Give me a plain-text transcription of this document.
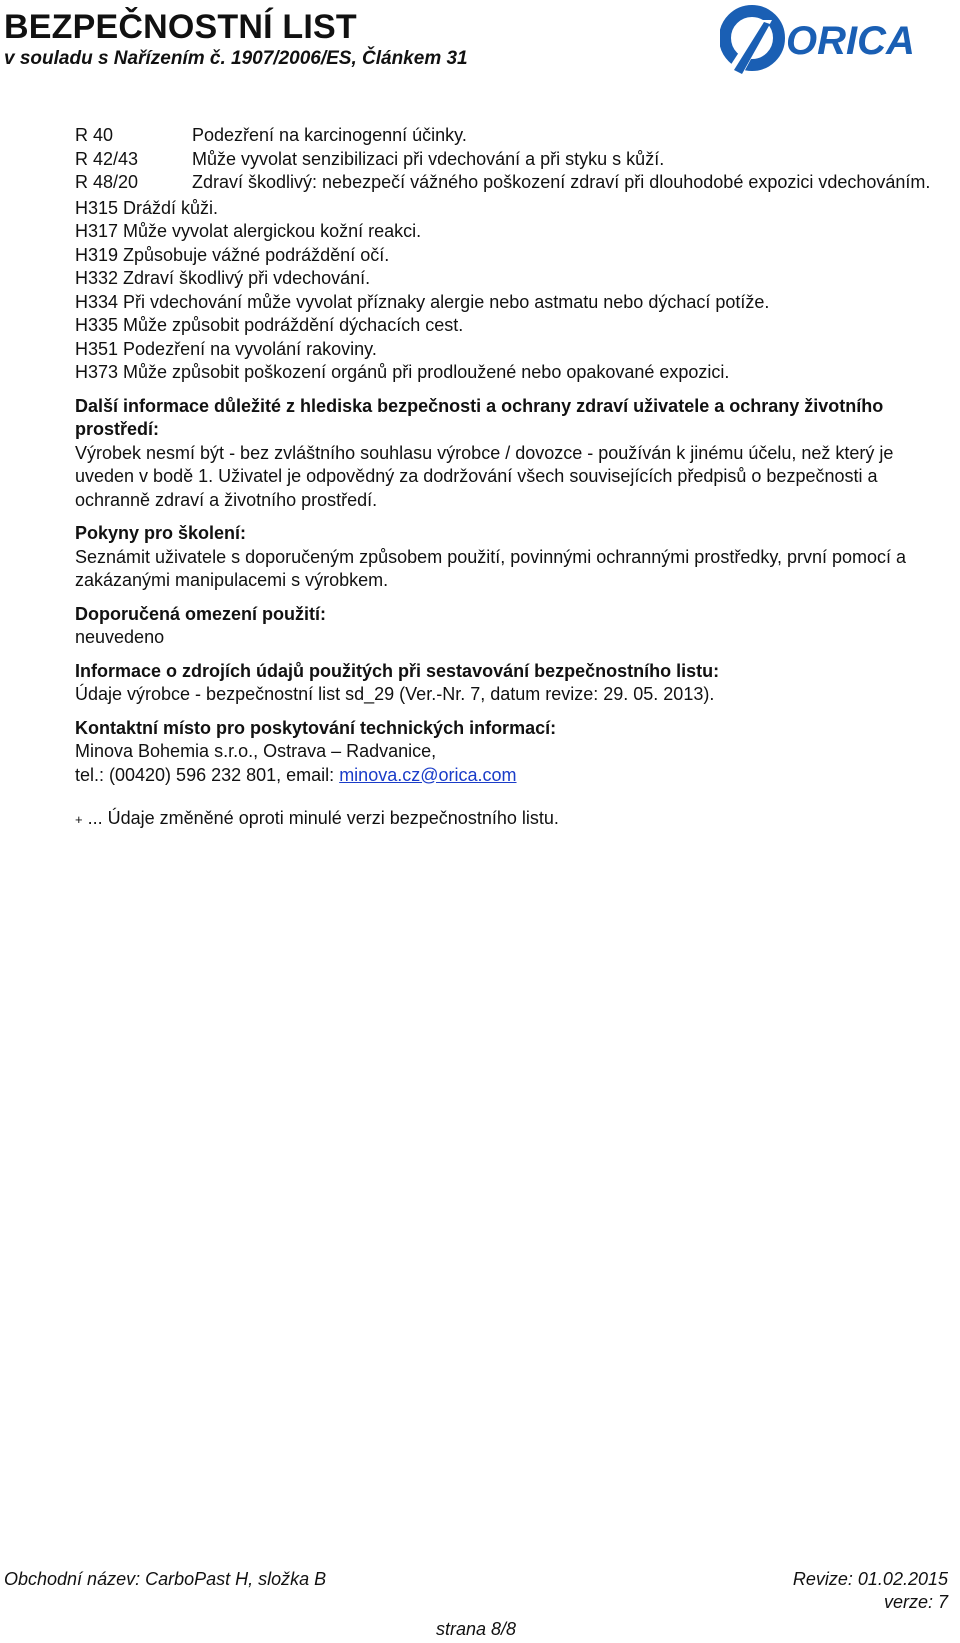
BEZPEČNOSTNÍ LIST
v souladu s Nařízením č. 1907/2006/ES, Článkem 31	ORICA
R 40	Podezření na karcinogenní účinky.
R 42/43	Může vyvolat senzibilizaci při vdechování a při styku s kůží.
R 48/20	Zdraví škodlivý: nebezpečí vážného poškození zdraví při dlouhodobé expozici vdechováním.
H315 Dráždí kůži.
H317 Může vyvolat alergickou kožní reakci.
H319 Způsobuje vážné podráždění očí.
H332 Zdraví škodlivý při vdechování.
H334 Při vdechování může vyvolat příznaky alergie nebo astmatu nebo dýchací potíže.
H335 Může způsobit podráždění dýchacích cest.
H351 Podezření na vyvolání rakoviny.
H373 Může způsobit poškození orgánů při prodloužené nebo opakované expozici.
Další informace důležité z hlediska bezpečnosti a ochrany zdraví uživatele a ochrany životního prostředí:
Výrobek nesmí být - bez zvláštního souhlasu výrobce / dovozce - používán k jinému účelu, než který je uveden v bodě 1. Uživatel je odpovědný za dodržování všech souvisejících předpisů o bezpečnosti a ochranně zdraví a životního prostředí.
Pokyny pro školení:
Seznámit uživatele s doporučeným způsobem použití, povinnými ochrannými prostředky, první pomocí a zakázanými manipulacemi s výrobkem.
Doporučená omezení použití:
neuvedeno
Informace o zdrojích údajů použitých při sestavování bezpečnostního listu:
Údaje výrobce - bezpečnostní list sd_29 (Ver.-Nr. 7, datum revize: 29. 05. 2013).
Kontaktní místo pro poskytování technických informací:
Minova Bohemia s.r.o., Ostrava – Radvanice,
tel.: (00420) 596 232 801, email: minova.cz@orica.com
+ ... Údaje změněné oproti minulé verzi bezpečnostního listu.
Obchodní název: CarboPast H, složka B	Revize: 01.02.2015
verze: 7
strana 8/8
